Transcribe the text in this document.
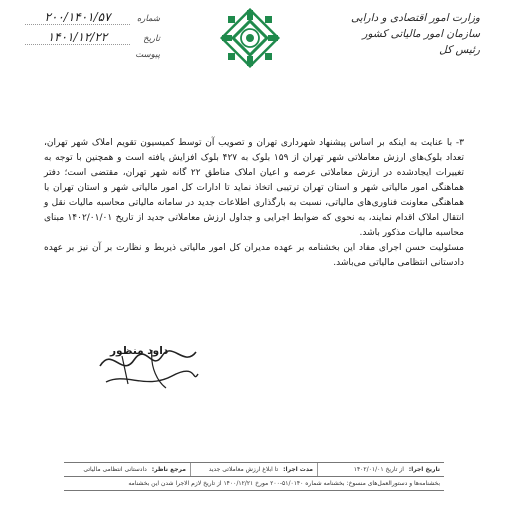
وزارت امور اقتصادی و دارایی
سازمان امور مالیاتی کشور
رئیس کل
شماره
۲۰۰/۱۴۰۱/۵۷
تاریخ
۱۴۰۱/۱۲/۲۲
پیوست

۳- با عنایت به اینکه بر اساس پیشنهاد شهرداری تهران و تصویب آن توسط کمیسیون تقویم املاک شهر تهران، تعداد بلوک‌های ارزش معاملاتی شهر تهران از ۱۵۹ بلوک به ۴۲۷ بلوک افزایش یافته است و همچنین با توجه به تغییرات ایجادشده در ارزش معاملاتی عرصه و اعیان املاک مناطق ۲۲ گانه شهر تهران، مقتضی است؛ دفتر هماهنگی امور مالیاتی شهر و استان تهران ترتیبی اتخاذ نماید تا ادارات کل امور مالیاتی شهر و استان تهران با هماهنگی معاونت فناوری‌های مالیاتی، نسبت به بارگذاری اطلاعات جدید در سامانه مالیاتی محاسبه مالیات نقل و انتقال املاک اقدام نمایند، به نحوی که ضوابط اجرایی و جداول ارزش معاملاتی جدید از تاریخ ۱۴۰۲/۰۱/۰۱ مبنای محاسبه مالیات مذکور باشد.

مسئولیت حسن اجرای مفاد این بخشنامه بر عهده مدیران کل امور مالیاتی ذیربط و نظارت بر آن نیز بر عهده دادستانی انتظامی مالیاتی می‌باشد.

داود منظور
تاریخ اجرا: از تاریخ ۱۴۰۲/۰۱/۰۱
مدت اجرا: تا ابلاغ ارزش معاملاتی جدید
مرجع ناظر: دادستانی انتظامی مالیاتی
بخشنامه‌ها و دستورالعمل‌های منسوخ: بخشنامه شماره ۵۱/۰۱۴۰-۲۰۰ مورخ ۱۴۰۰/۱۲/۲۱ از تاریخ لازم الاجرا شدن این بخشنامه
